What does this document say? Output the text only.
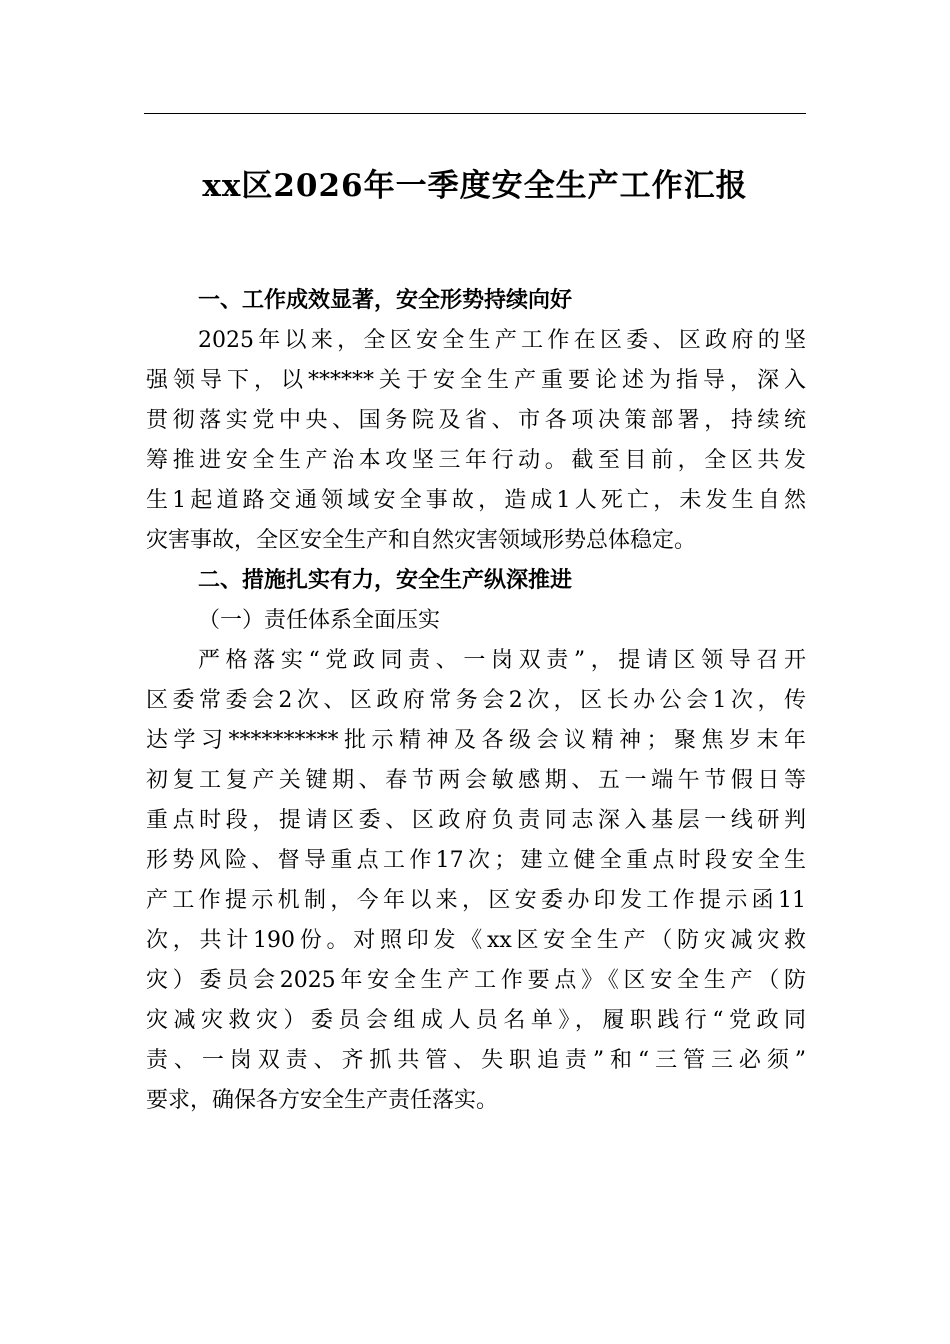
xx区2026年一季度安全生产工作汇报
一、工作成效显著，安全形势持续向好
2025年以来，全区安全生产工作在区委、区政府的坚
强领导下，以******关于安全生产重要论述为指导，深入
贯彻落实党中央、国务院及省、市各项决策部署，持续统
筹推进安全生产治本攻坚三年行动。截至目前，全区共发
生1起道路交通领域安全事故，造成1人死亡，未发生自然
灾害事故，全区安全生产和自然灾害领域形势总体稳定。
二、措施扎实有力，安全生产纵深推进
（一）责任体系全面压实
严格落实“党政同责、一岗双责”，提请区领导召开
区委常委会2次、区政府常务会2次，区长办公会1次，传
达学习**********批示精神及各级会议精神；聚焦岁末年
初复工复产关键期、春节两会敏感期、五一端午节假日等
重点时段，提请区委、区政府负责同志深入基层一线研判
形势风险、督导重点工作17次；建立健全重点时段安全生
产工作提示机制，今年以来，区安委办印发工作提示函11
次，共计190份。对照印发《xx区安全生产（防灾减灾救
灾）委员会2025年安全生产工作要点》《区安全生产（防
灾减灾救灾）委员会组成人员名单》，履职践行“党政同
责、一岗双责、齐抓共管、失职追责”和“三管三必须”
要求，确保各方安全生产责任落实。
